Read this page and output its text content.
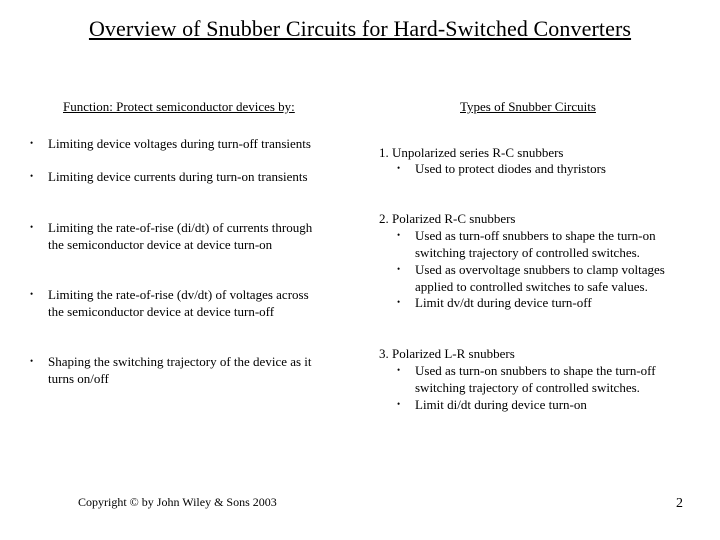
Overview of Snubber Circuits for Hard-Switched Converters
Function: Protect semiconductor devices by:
• Limiting device voltages during turn-off transients
• Limiting device currents during turn-on transients
• Limiting the rate-of-rise (di/dt) of currents through
the semiconductor device at device turn-on
• Limiting the rate-of-rise (dv/dt) of voltages across
the semiconductor device at device turn-off
• Shaping the switching trajectory of the device as it
turns on/off
Types of Snubber Circuits
1. Unpolarized series R-C snubbers
• Used to protect diodes and thyristors
2. Polarized R-C snubbers
• Used as turn-off snubbers to shape the turn-on
switching trajectory of controlled switches.
• Used as overvoltage snubbers to clamp voltages
applied to controlled switches to safe values.
• Limit dv/dt during device turn-off
3. Polarized L-R snubbers
• Used as turn-on snubbers to shape the turn-off
switching trajectory of controlled switches.
• Limit di/dt during device turn-on
Copyright © by John Wiley & Sons 2003	2
